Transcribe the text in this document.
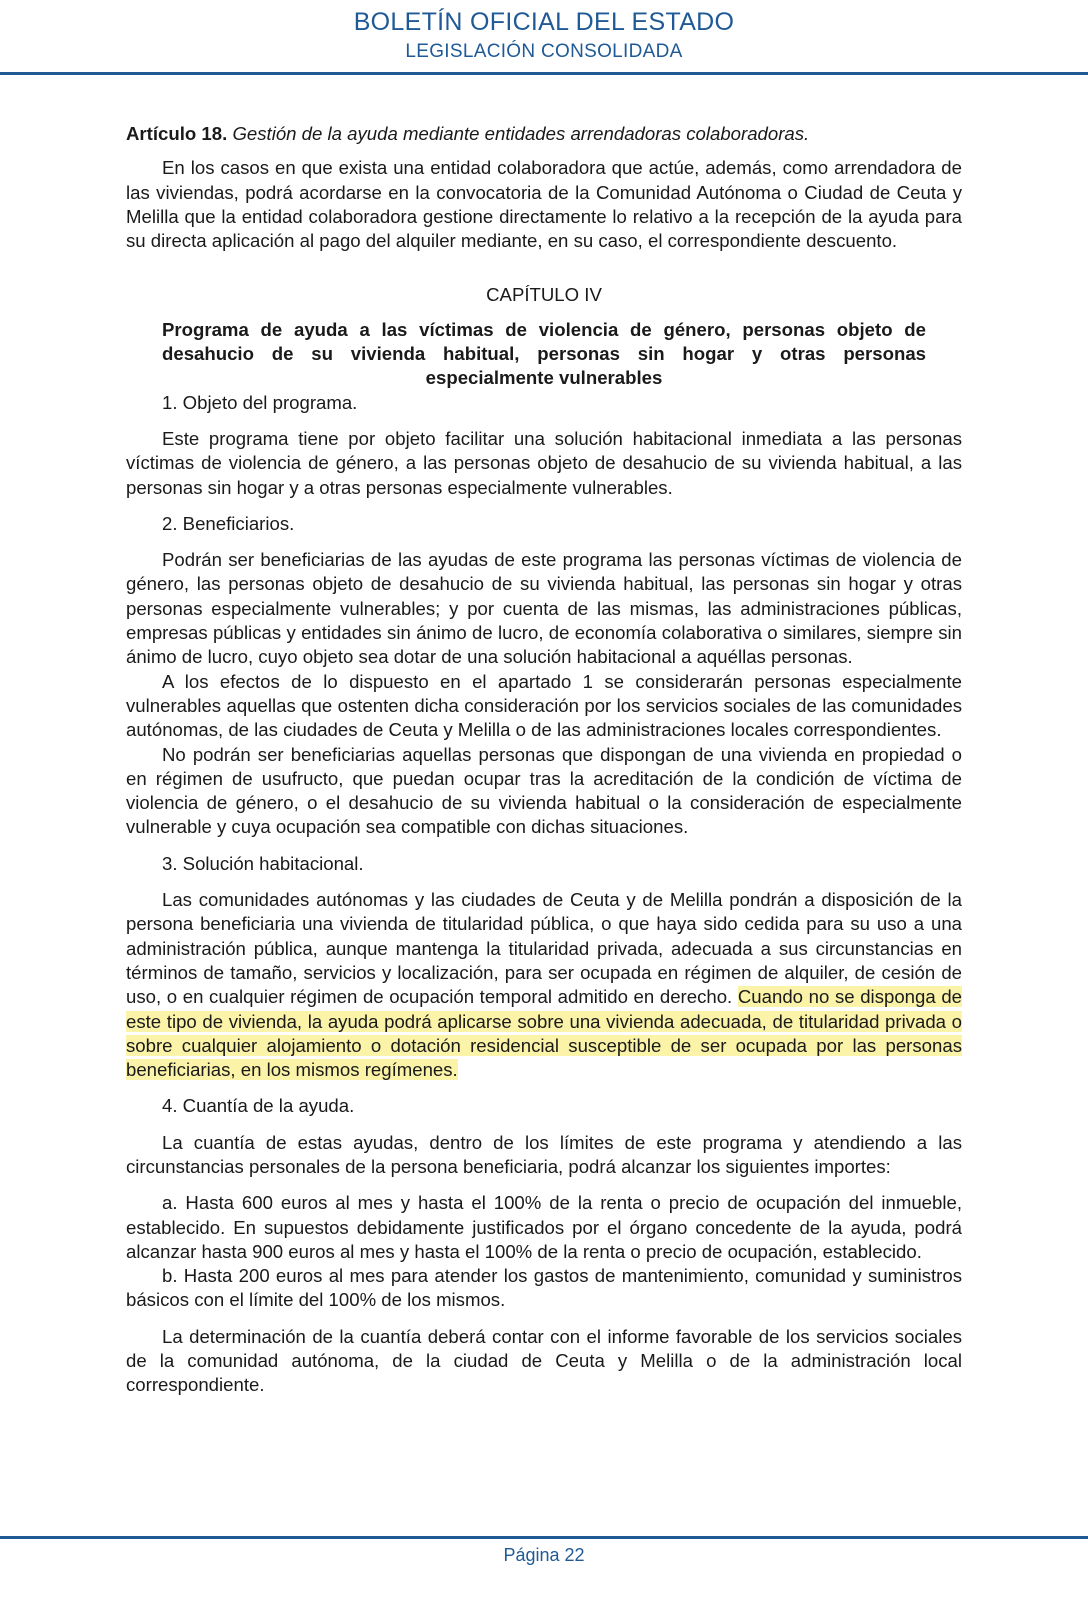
BOLETÍN OFICIAL DEL ESTADO
LEGISLACIÓN CONSOLIDADA

Artículo 18. Gestión de la ayuda mediante entidades arrendadoras colaboradoras.

En los casos en que exista una entidad colaboradora que actúe, además, como arrendadora de las viviendas, podrá acordarse en la convocatoria de la Comunidad Autónoma o Ciudad de Ceuta y Melilla que la entidad colaboradora gestione directamente lo relativo a la recepción de la ayuda para su directa aplicación al pago del alquiler mediante, en su caso, el correspondiente descuento.

CAPÍTULO IV

Programa de ayuda a las víctimas de violencia de género, personas objeto de desahucio de su vivienda habitual, personas sin hogar y otras personas especialmente vulnerables

1. Objeto del programa.

Este programa tiene por objeto facilitar una solución habitacional inmediata a las personas víctimas de violencia de género, a las personas objeto de desahucio de su vivienda habitual, a las personas sin hogar y a otras personas especialmente vulnerables.

2. Beneficiarios.

Podrán ser beneficiarias de las ayudas de este programa las personas víctimas de violencia de género, las personas objeto de desahucio de su vivienda habitual, las personas sin hogar y otras personas especialmente vulnerables; y por cuenta de las mismas, las administraciones públicas, empresas públicas y entidades sin ánimo de lucro, de economía colaborativa o similares, siempre sin ánimo de lucro, cuyo objeto sea dotar de una solución habitacional a aquéllas personas.

A los efectos de lo dispuesto en el apartado 1 se considerarán personas especialmente vulnerables aquellas que ostenten dicha consideración por los servicios sociales de las comunidades autónomas, de las ciudades de Ceuta y Melilla o de las administraciones locales correspondientes.

No podrán ser beneficiarias aquellas personas que dispongan de una vivienda en propiedad o en régimen de usufructo, que puedan ocupar tras la acreditación de la condición de víctima de violencia de género, o el desahucio de su vivienda habitual o la consideración de especialmente vulnerable y cuya ocupación sea compatible con dichas situaciones.

3. Solución habitacional.

Las comunidades autónomas y las ciudades de Ceuta y de Melilla pondrán a disposición de la persona beneficiaria una vivienda de titularidad pública, o que haya sido cedida para su uso a una administración pública, aunque mantenga la titularidad privada, adecuada a sus circunstancias en términos de tamaño, servicios y localización, para ser ocupada en régimen de alquiler, de cesión de uso, o en cualquier régimen de ocupación temporal admitido en derecho. Cuando no se disponga de este tipo de vivienda, la ayuda podrá aplicarse sobre una vivienda adecuada, de titularidad privada o sobre cualquier alojamiento o dotación residencial susceptible de ser ocupada por las personas beneficiarias, en los mismos regímenes.

4. Cuantía de la ayuda.

La cuantía de estas ayudas, dentro de los límites de este programa y atendiendo a las circunstancias personales de la persona beneficiaria, podrá alcanzar los siguientes importes:

a. Hasta 600 euros al mes y hasta el 100% de la renta o precio de ocupación del inmueble, establecido. En supuestos debidamente justificados por el órgano concedente de la ayuda, podrá alcanzar hasta 900 euros al mes y hasta el 100% de la renta o precio de ocupación, establecido.

b. Hasta 200 euros al mes para atender los gastos de mantenimiento, comunidad y suministros básicos con el límite del 100% de los mismos.

La determinación de la cuantía deberá contar con el informe favorable de los servicios sociales de la comunidad autónoma, de la ciudad de Ceuta y Melilla o de la administración local correspondiente.

Página 22
